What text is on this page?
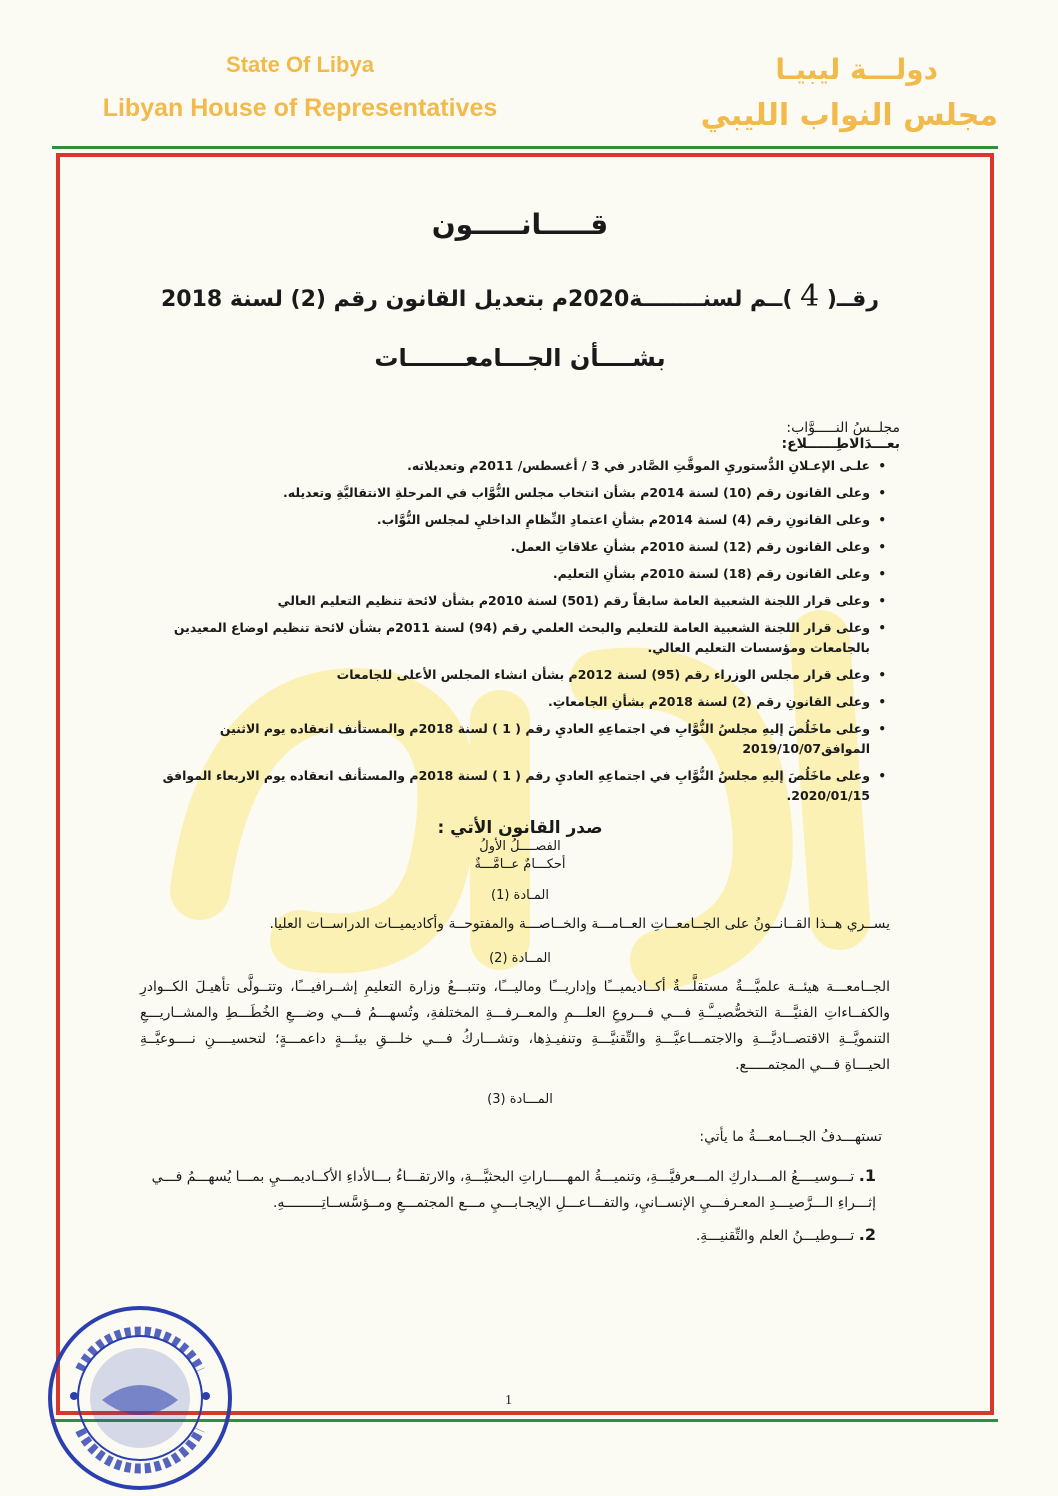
State Of Libya
Libyan House of Representatives
دولـــة ليبيـا
مجلس النواب الليبي
قـــــانـــــون
رقــ( 4 )ــم لسنــــــــة2020م بتعديل القانون رقم (2) لسنة 2018
بشــــأن الجـــامعـــــــات
مجلــسُ النـــــوَّاب:
بعـــدَالاطِــــــلاع:
• علـى الإعـلانِ الدُّستوريِ الموقَّتِ الصَّادر في 3 / أغسطس/ 2011م وتعديلاته.
• وعلى القانون رقم (10) لسنة 2014م بشأن انتخاب مجلس النُّوَّاب في المرحلةِ الانتقاليَّةِ وتعديله.
• وعلى القانونِ رقم (4) لسنة 2014م بشأنِ اعتمادِ النِّظامِ الداخليِ لمجلس النُّوَّاب.
• وعلى القانون رقم (12) لسنة 2010م بشأنِ علاقاتِ العمل.
• وعلى القانون رقم (18) لسنة 2010م بشأنِ التعليم.
• وعلى قرار اللجنة الشعبية العامة سابقاً رقم (501) لسنة 2010م بشأن لائحة تنظيم التعليم العالي
• وعلى قرار اللجنة الشعبية العامة للتعليم والبحث العلمي رقم (94) لسنة 2011م بشأن لائحة تنظيم اوضاع المعيدين بالجامعات ومؤسسات التعليم العالي.
• وعلى قرار مجلس الوزراء رقم (95) لسنة 2012م بشأن انشاء المجلس الأعلى للجامعات
• وعلى القانونِ رقم (2) لسنة 2018م بشأنِ الجامعاتِ.
• وعلى ماخَلُصَ إليهِ مجلسُ النُّوَّابِ في اجتماعِهِ العاديِ رقم ( 1 ) لسنة 2018م والمستأنف انعقاده يوم الاثنين الموافق2019/10/07
• وعلى ماخَلُصَ إليهِ مجلسُ النُّوَّابِ في اجتماعِهِ العاديِ رقم ( 1 ) لسنة 2018م والمستأنف انعقاده يوم الاربعاء الموافق 2020/01/15.
صدر القانون الأتي :
الفصــــلُ الأولُ
أحكـــامٌ عــامَّـــةٌ
المـادة (1)
يســري هــذا القــانــونُ على الجــامعــاتِ العــامـــة والخــاصـــة والمفتوحــة وأكاديميــات الدراســات العليا.
المــادة (2)
الجــامعـــة هيئــة علميَّـــةٌ مستقلَّـــةٌ أكــاديميـــًا وإداريـــًا وماليـــًا، وتتبـــعُ وزارة التعليمِ إشــرافيـــًا، وتتــولَّى تأهيـلَ الكــوادرِ والكفــاءاتِ الفنيَّـــة التخصُّصيــَّـةِ فـــي فـــروعِ العلـــمِ والمعــرفـــةِ المختلفةِ، وتُسهـــمُ فـــي وضـــعِ الخُطَـــطِ والمشــاريـــعِ التنمويَّــةِ الاقتصــاديَّـــةِ والاجتمـــاعيَّـــةِ والتِّقنيَّـــةِ وتنفيـذِها، وتشـــاركُ فـــي خلـــقِ بيئـــةٍ داعمـــةٍ؛ لتحسيــــنِ نــــوعيَّــةِ الحيـــاةِ فـــي المجتمـــــع.
المـــادة (3)
تستهـــدفُ الجـــامعـــةُ ما يأتي:
1. تـــوسيــــعُ المـــداركِ المـــعرفيَّـــةِ، وتنميـــةُ المهـــــاراتِ البحثيَّـــةِ، والارتقـــاءُ بـــالأداءِ الأكــاديمـــيِ بمـــا يُسهـــمُ فـــي إثـــراءِ الـــرَّصيـــدِ المعـرفـــيِ الإنســانيِ، والتفـــاعـــلِ الإيجـابـــيِ مـــع المجتمـــعِ ومــؤسَّســاتِـــــــــهِ.
2. تـــوطيـــنُ العلم والتِّقنيـــةِ.
1
